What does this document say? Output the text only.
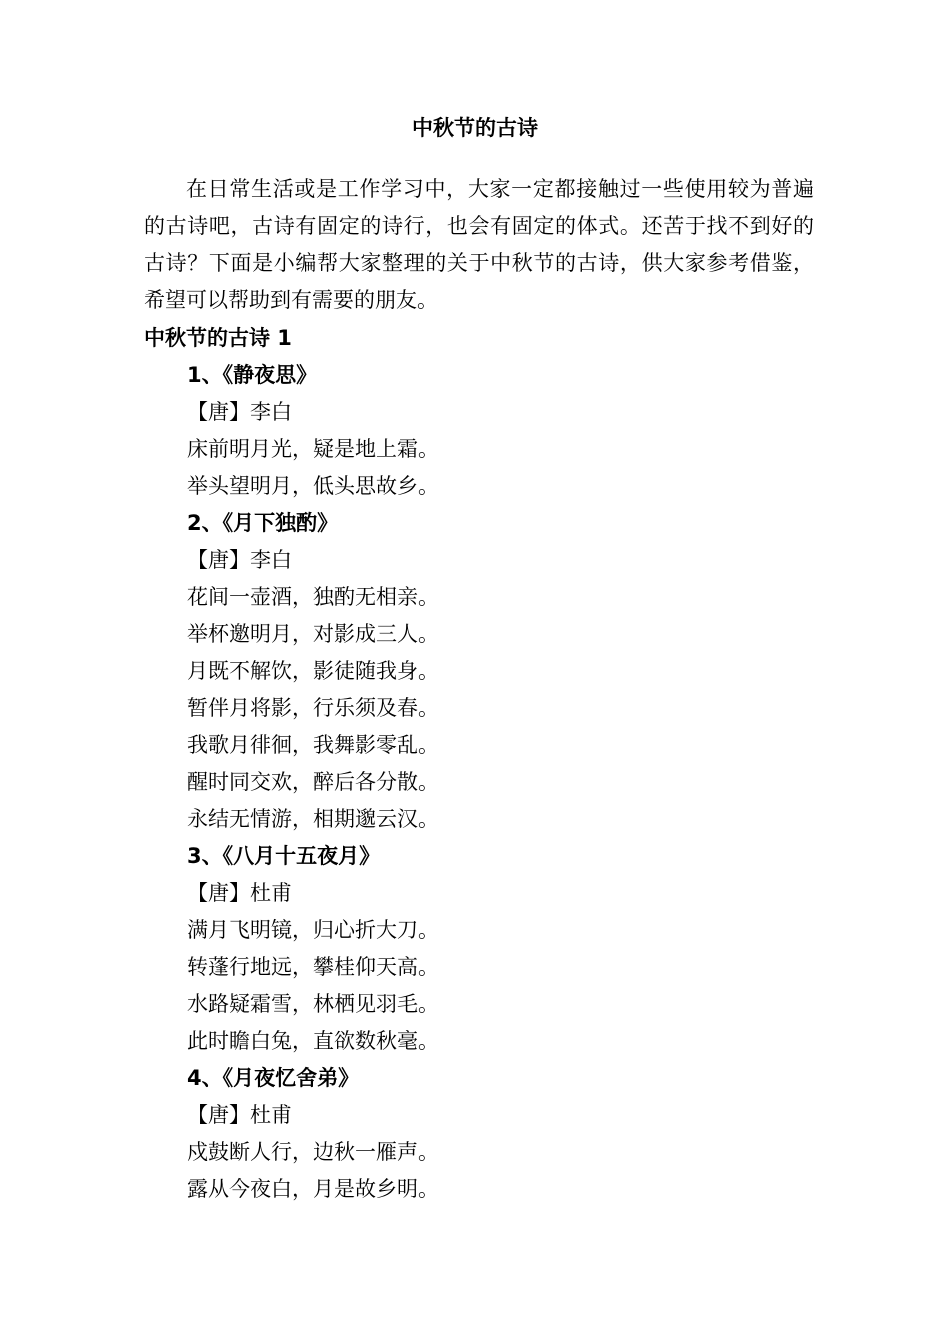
中秋节的古诗
在日常生活或是工作学习中，大家一定都接触过一些使用较为普遍的古诗吧，古诗有固定的诗行，也会有固定的体式。还苦于找不到好的古诗？下面是小编帮大家整理的关于中秋节的古诗，供大家参考借鉴，希望可以帮助到有需要的朋友。
中秋节的古诗 1
1、《静夜思》
【唐】李白
床前明月光，疑是地上霜。
举头望明月，低头思故乡。
2、《月下独酌》
【唐】李白
花间一壶酒，独酌无相亲。
举杯邀明月，对影成三人。
月既不解饮，影徒随我身。
暂伴月将影，行乐须及春。
我歌月徘徊，我舞影零乱。
醒时同交欢，醉后各分散。
永结无情游，相期邈云汉。
3、《八月十五夜月》
【唐】杜甫
满月飞明镜，归心折大刀。
转蓬行地远，攀桂仰天高。
水路疑霜雪，林栖见羽毛。
此时瞻白兔，直欲数秋毫。
4、《月夜忆舍弟》
【唐】杜甫
戍鼓断人行，边秋一雁声。
露从今夜白，月是故乡明。
